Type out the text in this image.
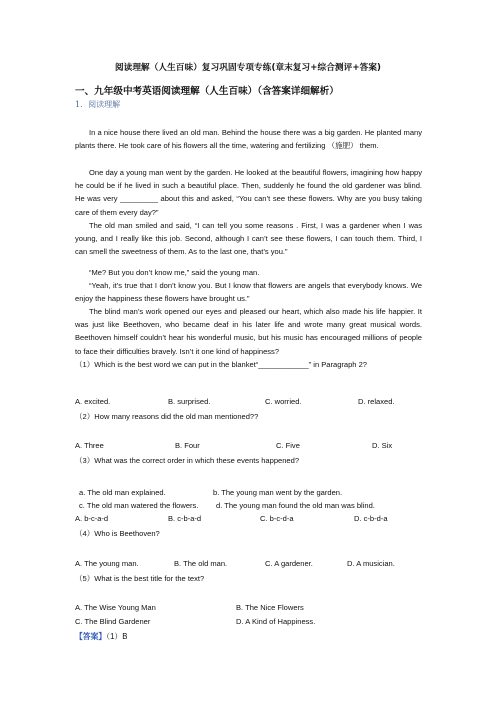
阅读理解（人生百味）复习巩固专项专练(章末复习+综合测评+答案)
一、九年级中考英语阅读理解（人生百味）（含答案详细解析）
1．阅读理解
In a nice house there lived an old man. Behind the house there was a big garden. He planted many plants there. He took care of his flowers all the time, watering and fertilizing （施肥） them.
One day a young man went by the garden. He looked at the beautiful flowers, imagining how happy he could be if he lived in such a beautiful place. Then, suddenly he found the old gardener was blind. He was very _________ about this and asked, “You can’t see these flowers. Why are you busy taking care of them every day?”
The old man smiled and said, “I can tell you some reasons . First, I was a gardener when I was young, and I really like this job. Second, although I can’t see these flowers, I can touch them. Third, I can smell the sweetness of them. As to the last one, that’s you.”
“Me? But you don’t know me,” said the young man.
“Yeah, it’s true that I don’t know you. But I know that flowers are angels that everybody knows. We enjoy the happiness these flowers have brought us.”
The blind man’s work opened our eyes and pleased our heart, which also made his life happier. It was just like Beethoven, who became deaf in his later life and wrote many great musical words. Beethoven himself couldn’t hear his wonderful music, but his music has encouraged millions of people to face their difficulties bravely. Isn’t it one kind of happiness?
（1）Which is the best word we can put in the blanket“____________” in Paragraph 2?
A. excited.	B. surprised.	C. worried.	D. relaxed.
（2）How many reasons did the old man mentioned??
A. Three	B. Four	C. Five	D. Six
（3）What was the correct order in which these events happened?
a. The old man explained.	b. The young man went by the garden.
c. The old man watered the flowers. d. The young man found the old man was blind.
A. b-c-a-d	B. c-b-a-d	C. b-c-d-a	D. c-b-d-a
（4）Who is Beethoven?
A. The young man.	B. The old man.	C. A gardener.	D. A musician.
（5）What is the best title for the text?
A. The Wise Young Man	B. The Nice Flowers
C. The Blind Gardener	D. A Kind of Happiness.
【答案】（1）B
